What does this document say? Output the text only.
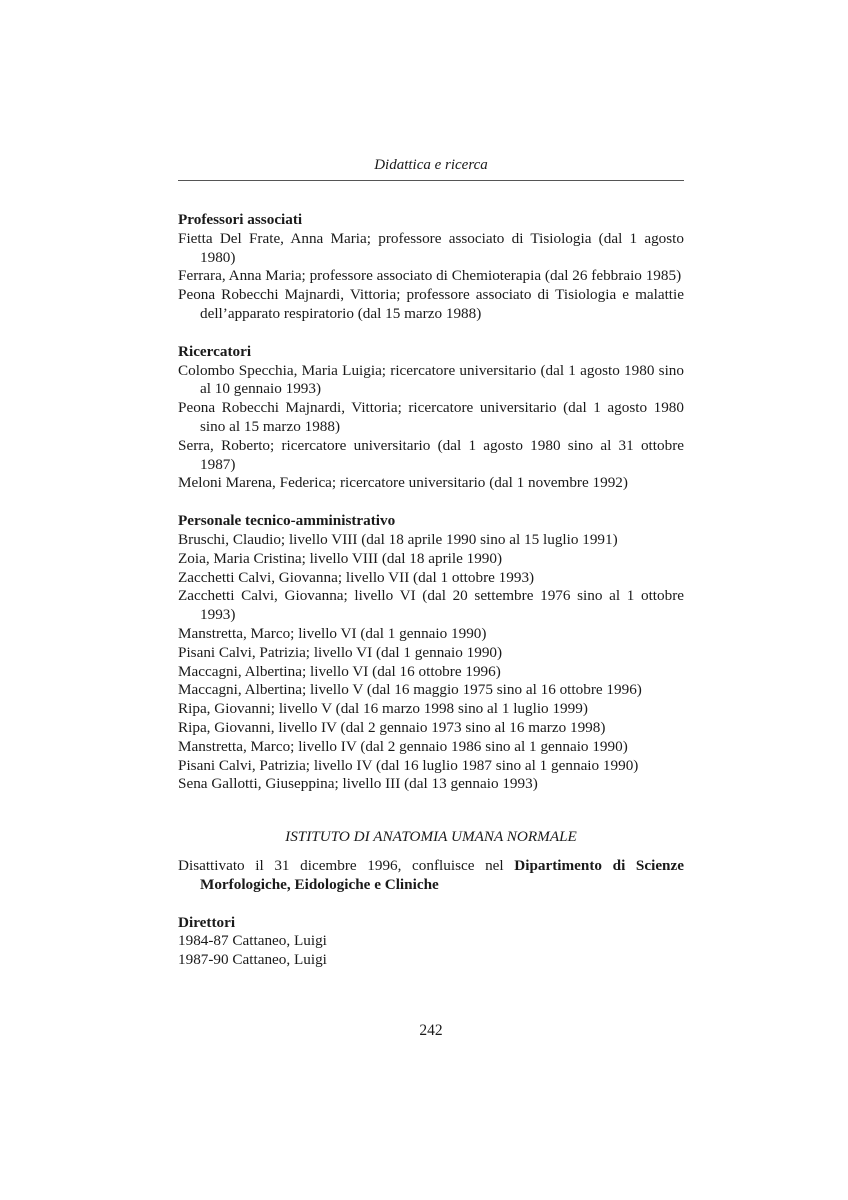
Didattica e ricerca

Professori associati

Fietta Del Frate, Anna Maria; professore associato di Tisiologia (dal 1 agosto 1980)

Ferrara, Anna Maria; professore associato di Chemioterapia (dal 26 febbraio 1985)

Peona Robecchi Majnardi, Vittoria; professore associato di Tisiologia e malattie dell’apparato respiratorio (dal 15 marzo 1988)

Ricercatori

Colombo Specchia, Maria Luigia; ricercatore universitario (dal 1 agosto 1980 sino al 10 gennaio 1993)

Peona Robecchi Majnardi, Vittoria; ricercatore universitario (dal 1 agosto 1980 sino al 15 marzo 1988)

Serra, Roberto; ricercatore universitario (dal 1 agosto 1980 sino al 31 ottobre 1987)

Meloni Marena, Federica; ricercatore universitario (dal 1 novembre 1992)

Personale tecnico-amministrativo

Bruschi, Claudio; livello VIII (dal 18 aprile 1990 sino al 15 luglio 1991)

Zoia, Maria Cristina; livello VIII (dal 18 aprile 1990)

Zacchetti Calvi, Giovanna; livello VII (dal 1 ottobre 1993)

Zacchetti Calvi, Giovanna; livello VI (dal 20 settembre 1976 sino al 1 ottobre 1993)

Manstretta, Marco; livello VI (dal 1 gennaio 1990)

Pisani Calvi, Patrizia; livello VI (dal 1 gennaio 1990)

Maccagni, Albertina; livello VI (dal 16 ottobre 1996)

Maccagni, Albertina; livello V (dal 16 maggio 1975 sino al 16 ottobre 1996)

Ripa, Giovanni; livello V (dal 16 marzo 1998 sino al 1 luglio 1999)

Ripa, Giovanni, livello IV (dal 2 gennaio 1973 sino al 16 marzo 1998)

Manstretta, Marco; livello IV (dal 2 gennaio 1986 sino al 1 gennaio 1990)

Pisani Calvi, Patrizia; livello IV (dal 16 luglio 1987 sino al 1 gennaio 1990)

Sena Gallotti, Giuseppina; livello III (dal 13 gennaio 1993)

ISTITUTO DI ANATOMIA UMANA NORMALE

Disattivato il 31 dicembre 1996, confluisce nel Dipartimento di Scienze Morfologiche, Eidologiche e Cliniche

Direttori

1984-87 Cattaneo, Luigi

1987-90 Cattaneo, Luigi

242
